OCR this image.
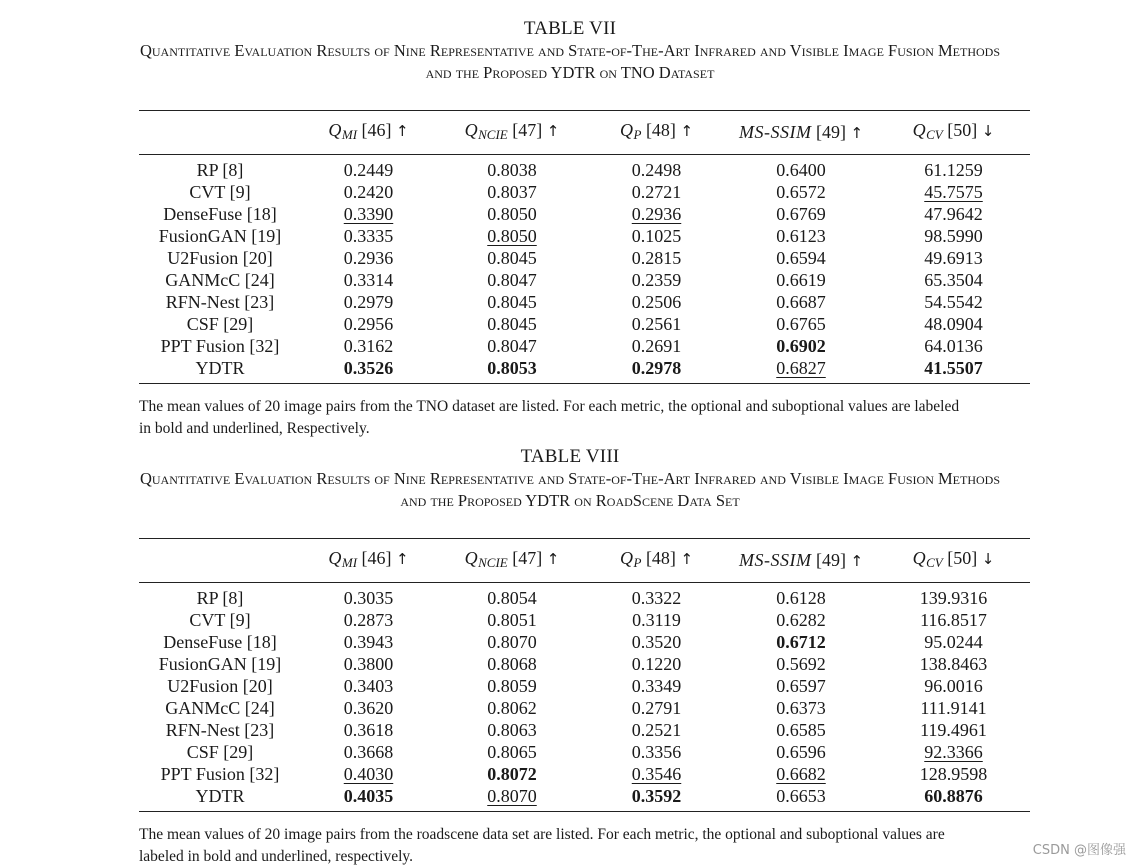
TABLE VII
Quantitative Evaluation Results of Nine Representative and State-of-The-Art Infrared and Visible Image Fusion Methods
and the Proposed YDTR on TNO Dataset
	$Q_{MI}$ [46] ↑	$Q_{NCIE}$ [47] ↑	$Q_P$ [48] ↑	MS-SSIM [49] ↑	$Q_{CV}$ [50] ↓
RP [8]	0.2449	0.8038	0.2498	0.6400	61.1259
CVT [9]	0.2420	0.8037	0.2721	0.6572	45.7575
DenseFuse [18]	0.3390	0.8050	0.2936	0.6769	47.9642
FusionGAN [19]	0.3335	0.8050	0.1025	0.6123	98.5990
U2Fusion [20]	0.2936	0.8045	0.2815	0.6594	49.6913
GANMcC [24]	0.3314	0.8047	0.2359	0.6619	65.3504
RFN-Nest [23]	0.2979	0.8045	0.2506	0.6687	54.5542
CSF [29]	0.2956	0.8045	0.2561	0.6765	48.0904
PPT Fusion [32]	0.3162	0.8047	0.2691	0.6902	64.0136
YDTR	0.3526	0.8053	0.2978	0.6827	41.5507
The mean values of 20 image pairs from the TNO dataset are listed. For each metric, the optional and suboptional values are labeled
in bold and underlined, Respectively.
TABLE VIII
Quantitative Evaluation Results of Nine Representative and State-of-The-Art Infrared and Visible Image Fusion Methods
and the Proposed YDTR on RoadScene Data Set
	$Q_{MI}$ [46] ↑	$Q_{NCIE}$ [47] ↑	$Q_P$ [48] ↑	MS-SSIM [49] ↑	$Q_{CV}$ [50] ↓
RP [8]	0.3035	0.8054	0.3322	0.6128	139.9316
CVT [9]	0.2873	0.8051	0.3119	0.6282	116.8517
DenseFuse [18]	0.3943	0.8070	0.3520	0.6712	95.0244
FusionGAN [19]	0.3800	0.8068	0.1220	0.5692	138.8463
U2Fusion [20]	0.3403	0.8059	0.3349	0.6597	96.0016
GANMcC [24]	0.3620	0.8062	0.2791	0.6373	111.9141
RFN-Nest [23]	0.3618	0.8063	0.2521	0.6585	119.4961
CSF [29]	0.3668	0.8065	0.3356	0.6596	92.3366
PPT Fusion [32]	0.4030	0.8072	0.3546	0.6682	128.9598
YDTR	0.4035	0.8070	0.3592	0.6653	60.8876
The mean values of 20 image pairs from the roadscene data set are listed. For each metric, the optional and suboptional values are
labeled in bold and underlined, respectively.	CSDN @图像强
